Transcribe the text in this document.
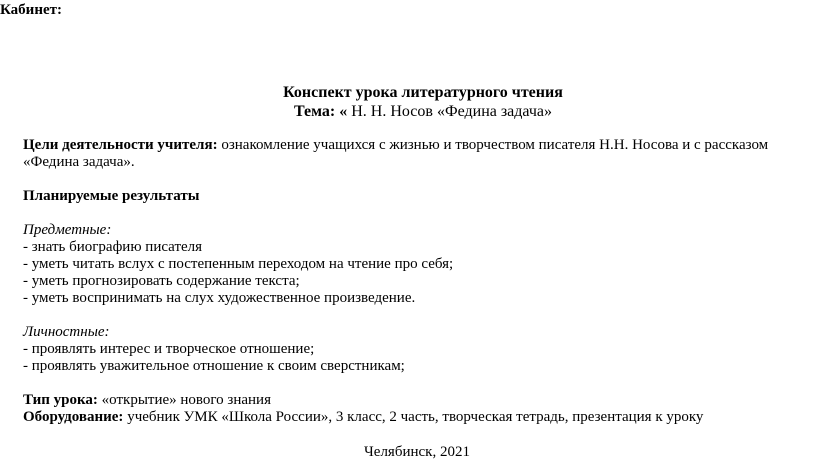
Кабинет:
Конспект урока литературного чтения
Тема: « Н. Н. Носов «Федина задача»

Цели деятельности учителя: ознакомление учащихся с жизнью и творчеством писателя Н.Н. Носова и с рассказом

«Федина задача».

Планируемые результаты

Предметные:

- знать биографию писателя

- уметь читать вслух с постепенным переходом на чтение про себя;

- уметь прогнозировать содержание текста;

- уметь воспринимать на слух художественное произведение.

Личностные:

- проявлять интерес и творческое отношение;

- проявлять уважительное отношение к своим сверстникам;

Тип урока: «открытие» нового знания

Оборудование: учебник УМК «Школа России», 3 класс, 2 часть, творческая тетрадь, презентация к уроку

Челябинск, 2021
